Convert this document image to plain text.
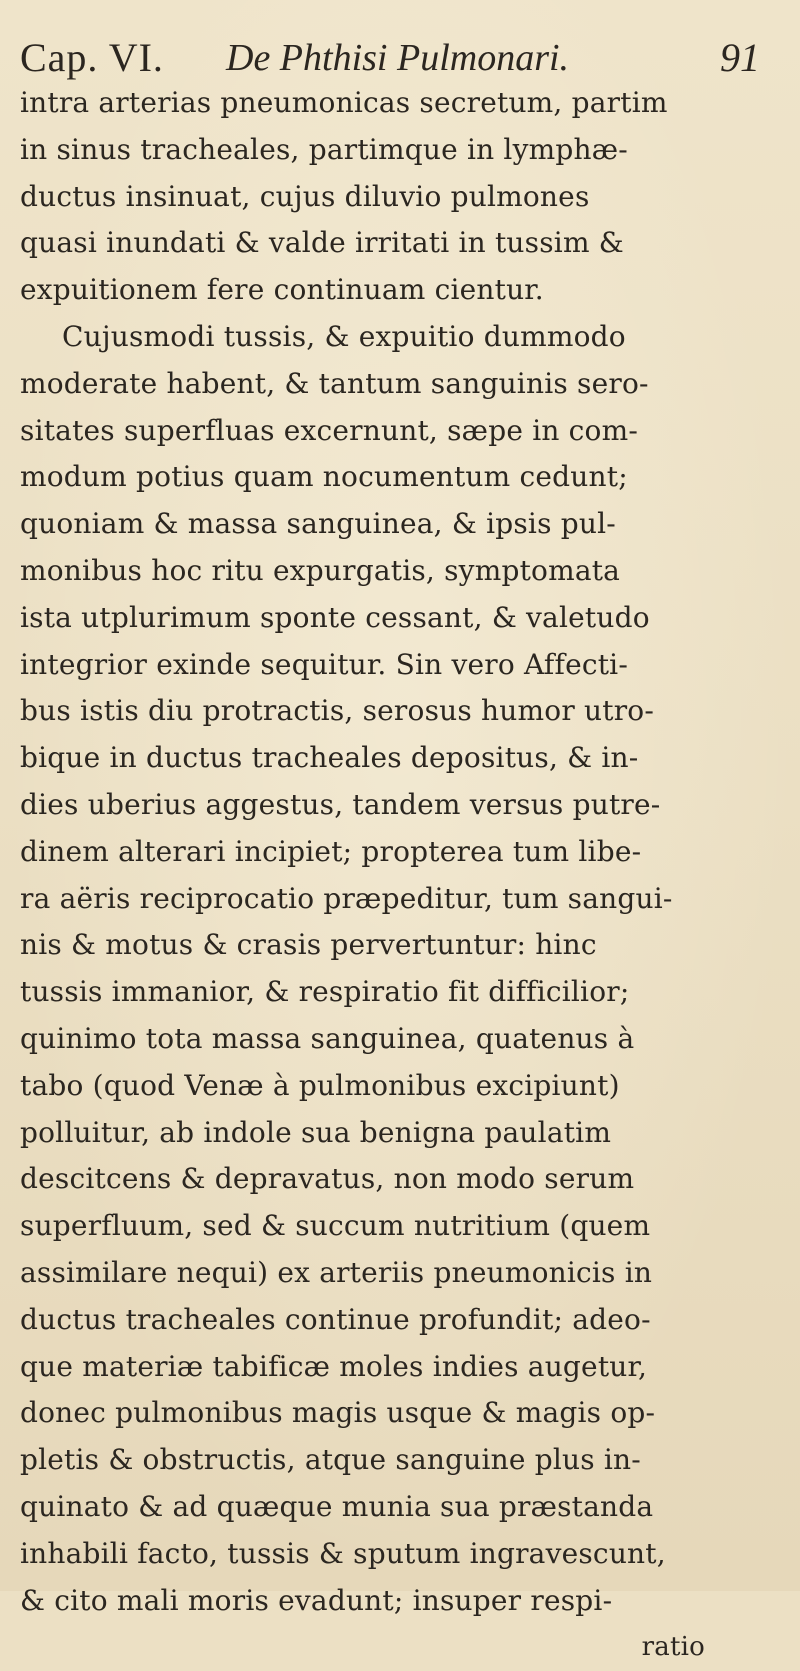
Cap. VI. De Phthisi Pulmonari.	91
intra arterias pneumonicas secretum, partim
in sinus tracheales, partimque in lymphæ-
ductus insinuat, cujus diluvio pulmones
quasi inundati & valde irritati in tussim &
expuitionem fere continuam cientur.
Cujusmodi tussis, & expuitio dummodo
moderate habent, & tantum sanguinis sero-
sitates superfluas excernunt, sæpe in com-
modum potius quam nocumentum cedunt;
quoniam & massa sanguinea, & ipsis pul-
monibus hoc ritu expurgatis, symptomata
ista utplurimum sponte cessant, & valetudo
integrior exinde sequitur. Sin vero Affecti-
bus istis diu protractis, serosus humor utro-
bique in ductus tracheales depositus, & in-
dies uberius aggestus, tandem versus putre-
dinem alterari incipiet; propterea tum libe-
ra aëris reciprocatio præpeditur, tum sangui-
nis & motus & crasis pervertuntur: hinc
tussis immanior, & respiratio fit difficilior;
quinimo tota massa sanguinea, quatenus à
tabo (quod Venæ à pulmonibus excipiunt)
polluitur, ab indole sua benigna paulatim
descitcens & depravatus, non modo serum
superfluum, sed & succum nutritium (quem
assimilare nequi) ex arteriis pneumonicis in
ductus tracheales continue profundit; adeo-
que materiæ tabificæ moles indies augetur,
donec pulmonibus magis usque & magis op-
pletis & obstructis, atque sanguine plus in-
quinato & ad quæque munia sua præstanda
inhabili facto, tussis & sputum ingravescunt,
& cito mali moris evadunt; insuper respi-
ratio
